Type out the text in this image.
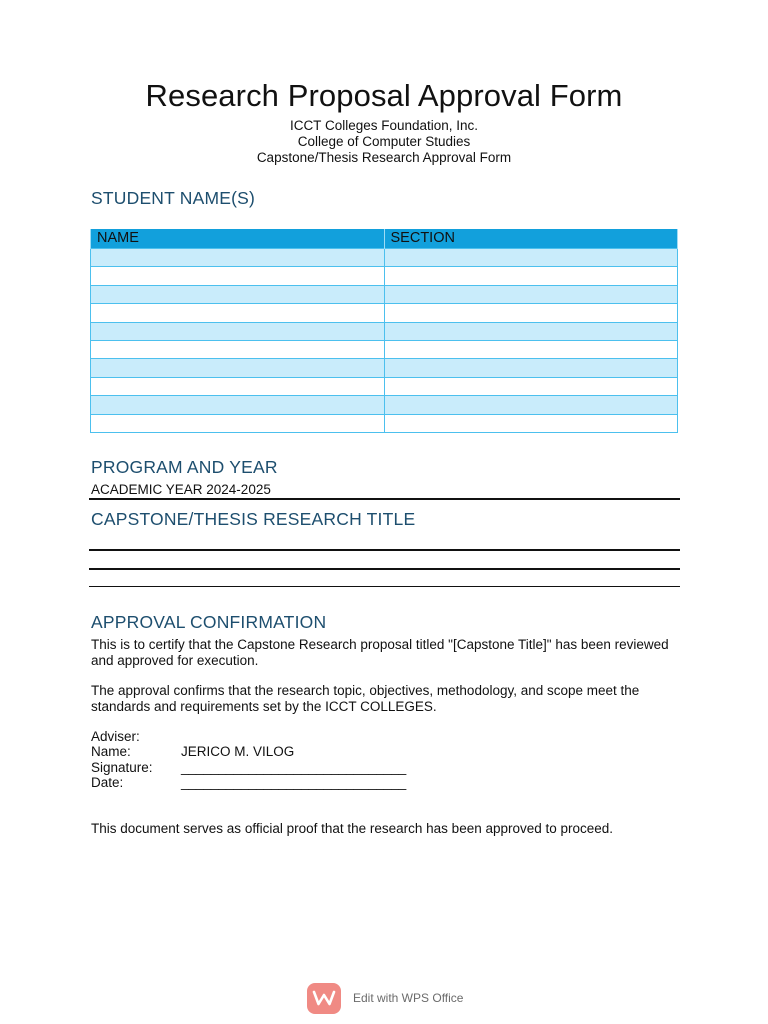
Research Proposal Approval Form
ICCT Colleges Foundation, Inc.
College of Computer Studies
Capstone/Thesis Research Approval Form
STUDENT NAME(S)
NAME	SECTION

PROGRAM AND YEAR
ACADEMIC YEAR 2024-2025
CAPSTONE/THESIS RESEARCH TITLE
APPROVAL CONFIRMATION
This is to certify that the Capstone Research proposal titled "[Capstone Title]" has been reviewed and approved for execution.
The approval confirms that the research topic, objectives, methodology, and scope meet the standards and requirements set by the ICCT COLLEGES.
Adviser:
Name:	JERICO M. VILOG
Signature: ______________________________
Date:	______________________________
This document serves as official proof that the research has been approved to proceed.
Edit with WPS Office
